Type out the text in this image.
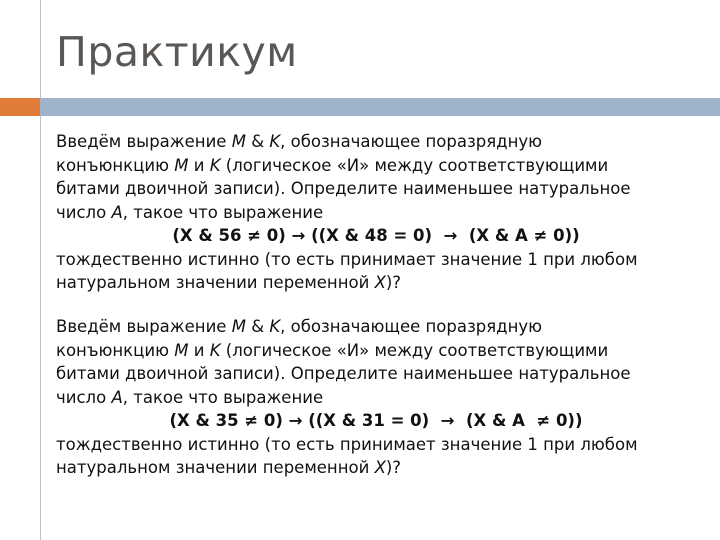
Практикум

Введём выражение M & K, обозначающее поразрядную

конъюнкцию M и K (логическое «И» между соответствующими

битами двоичной записи). Определите наименьшее натуральное

число A, такое что выражение

(X & 56 ≠ 0) → ((X & 48 = 0)  →  (X & A ≠ 0))

тождественно истинно (то есть принимает значение 1 при любом

натуральном значении переменной X)?

Введём выражение M & K, обозначающее поразрядную

конъюнкцию M и K (логическое «И» между соответствующими

битами двоичной записи). Определите наименьшее натуральное

число A, такое что выражение

(X & 35 ≠ 0) → ((X & 31 = 0)  →  (X & A  ≠ 0))

тождественно истинно (то есть принимает значение 1 при любом

натуральном значении переменной X)?
